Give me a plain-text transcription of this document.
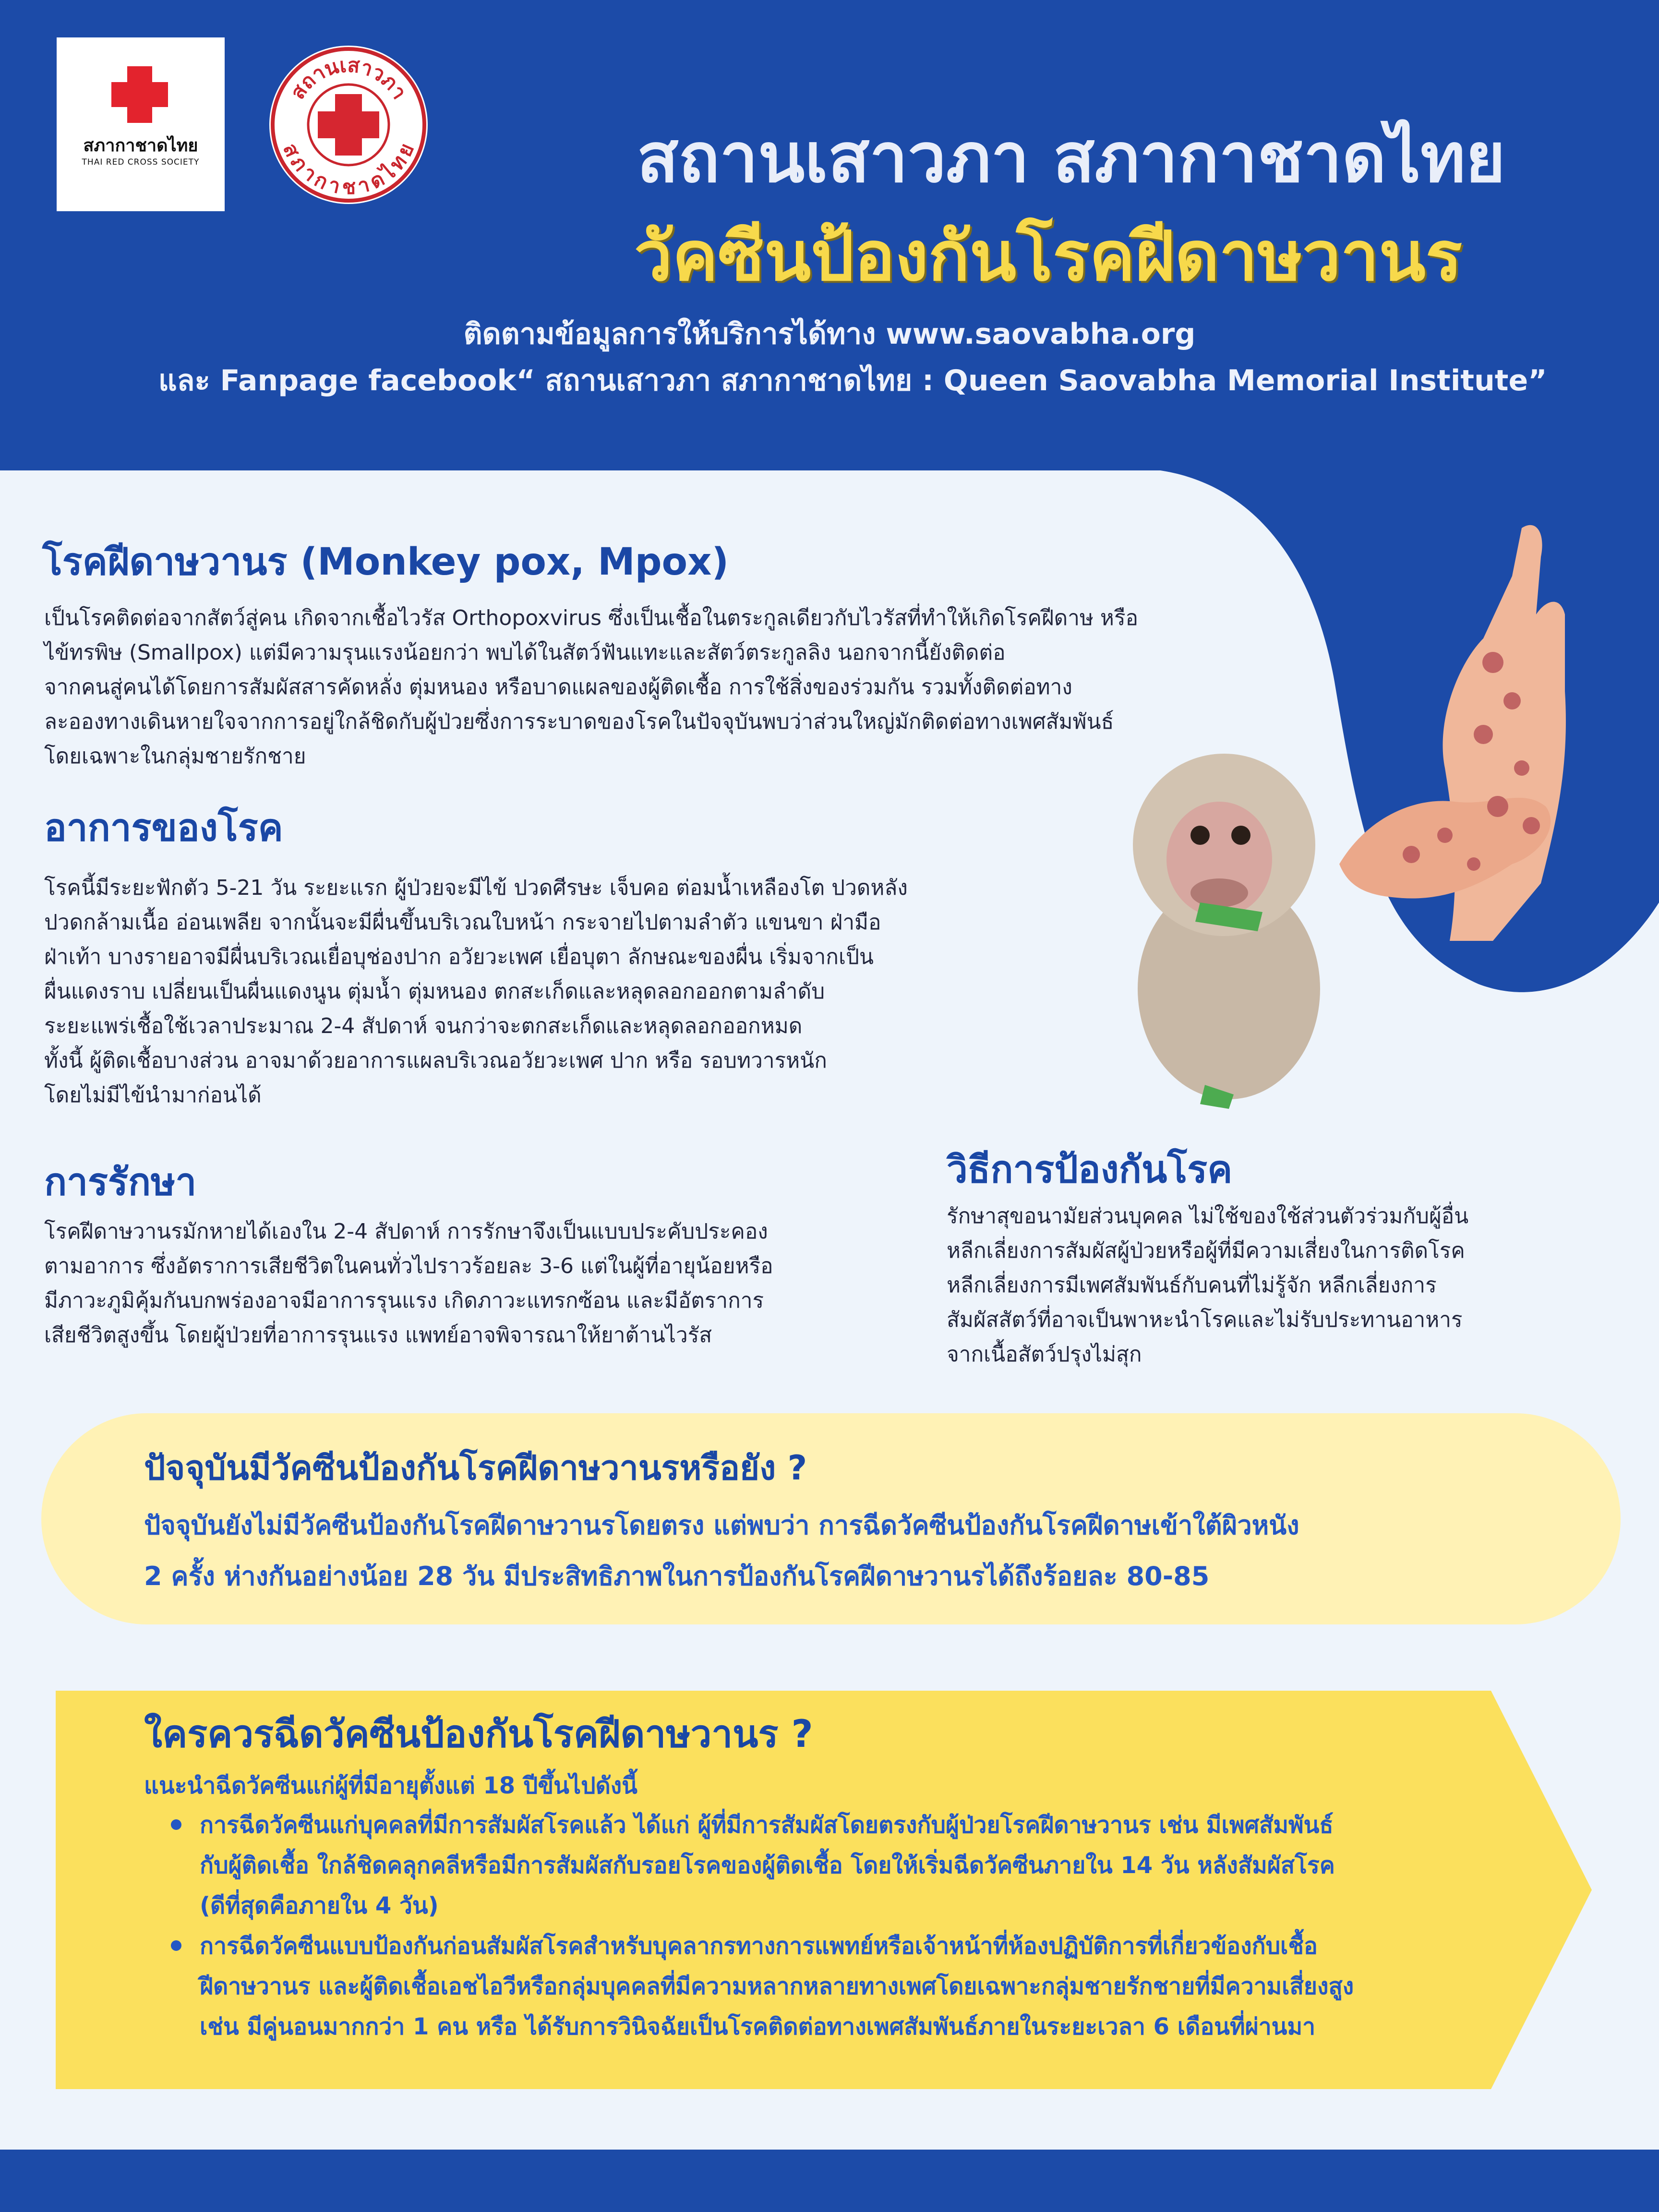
สภากาชาดไทย
THAI RED CROSS SOCIETY
สถานเสาวภา
สภากาชาดไทย	สถานเสาวภา สภากาชาดไทย
วัคซีนป้องกันโรคฝีดาษวานร
ติดตามข้อมูลการให้บริการได้ทาง www.saovabha.org
และ Fanpage facebook“ สถานเสาวภา สภากาชาดไทย : Queen Saovabha Memorial Institute”
โรคฝีดาษวานร (Monkey pox, Mpox)

เป็นโรคติดต่อจากสัตว์สู่คน เกิดจากเชื้อไวรัส Orthopoxvirus ซึ่งเป็นเชื้อในตระกูลเดียวกับไวรัสที่ทำให้เกิดโรคฝีดาษ หรือ
ไข้ทรพิษ (Smallpox) แต่มีความรุนแรงน้อยกว่า พบได้ในสัตว์ฟันแทะและสัตว์ตระกูลลิง นอกจากนี้ยังติดต่อ
จากคนสู่คนได้โดยการสัมผัสสารคัดหลั่ง ตุ่มหนอง หรือบาดแผลของผู้ติดเชื้อ การใช้สิ่งของร่วมกัน รวมทั้งติดต่อทาง
ละอองทางเดินหายใจจากการอยู่ใกล้ชิดกับผู้ป่วยซึ่งการระบาดของโรคในปัจจุบันพบว่าส่วนใหญ่มักติดต่อทางเพศสัมพันธ์
โดยเฉพาะในกลุ่มชายรักชาย

อาการของโรค

โรคนี้มีระยะฟักตัว 5-21 วัน ระยะแรก ผู้ป่วยจะมีไข้ ปวดศีรษะ เจ็บคอ ต่อมน้ำเหลืองโต ปวดหลัง
ปวดกล้ามเนื้อ อ่อนเพลีย จากนั้นจะมีผื่นขึ้นบริเวณใบหน้า กระจายไปตามลำตัว แขนขา ฝ่ามือ
ฝ่าเท้า บางรายอาจมีผื่นบริเวณเยื่อบุช่องปาก อวัยวะเพศ เยื่อบุตา ลักษณะของผื่น เริ่มจากเป็น
ผื่นแดงราบ เปลี่ยนเป็นผื่นแดงนูน ตุ่มน้ำ ตุ่มหนอง ตกสะเก็ดและหลุดลอกออกตามลำดับ
ระยะแพร่เชื้อใช้เวลาประมาณ 2-4 สัปดาห์ จนกว่าจะตกสะเก็ดและหลุดลอกออกหมด
ทั้งนี้ ผู้ติดเชื้อบางส่วน อาจมาด้วยอาการแผลบริเวณอวัยวะเพศ ปาก หรือ รอบทวารหนัก
โดยไม่มีไข้นำมาก่อนได้

การรักษา

โรคฝีดาษวานรมักหายได้เองใน 2-4 สัปดาห์ การรักษาจึงเป็นแบบประคับประคอง
ตามอาการ ซึ่งอัตราการเสียชีวิตในคนทั่วไปราวร้อยละ 3-6 แต่ในผู้ที่อายุน้อยหรือ
มีภาวะภูมิคุ้มกันบกพร่องอาจมีอาการรุนแรง เกิดภาวะแทรกซ้อน และมีอัตราการ
เสียชีวิตสูงขึ้น โดยผู้ป่วยที่อาการรุนแรง แพทย์อาจพิจารณาให้ยาต้านไวรัส

วิธีการป้องกันโรค

รักษาสุขอนามัยส่วนบุคคล ไม่ใช้ของใช้ส่วนตัวร่วมกับผู้อื่น
หลีกเลี่ยงการสัมผัสผู้ป่วยหรือผู้ที่มีความเสี่ยงในการติดโรค
หลีกเลี่ยงการมีเพศสัมพันธ์กับคนที่ไม่รู้จัก หลีกเลี่ยงการ
สัมผัสสัตว์ที่อาจเป็นพาหะนำโรคและไม่รับประทานอาหาร
จากเนื้อสัตว์ปรุงไม่สุก

ปัจจุบันมีวัคซีนป้องกันโรคฝีดาษวานรหรือยัง ?

ปัจจุบันยังไม่มีวัคซีนป้องกันโรคฝีดาษวานรโดยตรง แต่พบว่า การฉีดวัคซีนป้องกันโรคฝีดาษเข้าใต้ผิวหนัง
2 ครั้ง ห่างกันอย่างน้อย 28 วัน มีประสิทธิภาพในการป้องกันโรคฝีดาษวานรได้ถึงร้อยละ 80-85

ใครควรฉีดวัคซีนป้องกันโรคฝีดาษวานร ?
แนะนำฉีดวัคซีนแก่ผู้ที่มีอายุตั้งแต่ 18 ปีขึ้นไปดังนี้
การฉีดวัคซีนแก่บุคคลที่มีการสัมผัสโรคแล้ว ได้แก่ ผู้ที่มีการสัมผัสโดยตรงกับผู้ป่วยโรคฝีดาษวานร เช่น มีเพศสัมพันธ์
กับผู้ติดเชื้อ ใกล้ชิดคลุกคลีหรือมีการสัมผัสกับรอยโรคของผู้ติดเชื้อ โดยให้เริ่มฉีดวัคซีนภายใน 14 วัน หลังสัมผัสโรค
(ดีที่สุดคือภายใน 4 วัน)
การฉีดวัคซีนแบบป้องกันก่อนสัมผัสโรคสำหรับบุคลากรทางการแพทย์หรือเจ้าหน้าที่ห้องปฏิบัติการที่เกี่ยวข้องกับเชื้อ
ฝีดาษวานร และผู้ติดเชื้อเอชไอวีหรือกลุ่มบุคคลที่มีความหลากหลายทางเพศโดยเฉพาะกลุ่มชายรักชายที่มีความเสี่ยงสูง
เช่น มีคู่นอนมากกว่า 1 คน หรือ ได้รับการวินิจฉัยเป็นโรคติดต่อทางเพศสัมพันธ์ภายในระยะเวลา 6 เดือนที่ผ่านมา
